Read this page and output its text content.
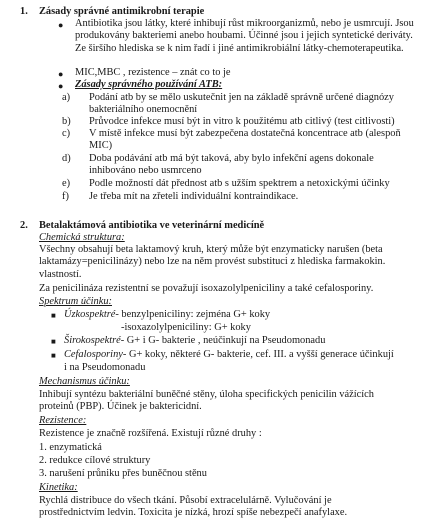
1. Zásady správné antimikrobní terapie
● Antibiotika jsou látky, které inhibují růst mikroorganizmů, nebo je usmrcují. Jsou
produkovány bakteriemi anebo houbami. Účinné jsou i jejich syntetické deriváty.
Ze širšího hlediska se k nim řadí i jiné antimikrobiální látky-chemoterapeutika.
● MIC,MBC , rezistence – znát co to je
● Zásady správného používání ATB:
a) Podání atb by se mělo uskutečnit jen na základě správně určené diagnózy
bakteriálního onemocnění
b) Průvodce infekce musí být in vitro k použitému atb citlivý (test citlivosti)
c) V místě infekce musí být zabezpečena dostatečná koncentrace atb (alespoň
MIC)
d) Doba podávání atb má být taková, aby bylo infekční agens dokonale
inhibováno nebo usmrceno
e) Podle možností dát přednost atb s užším spektrem a netoxickými účinky
f) Je třeba mít na zřeteli individuální kontraindikace.
2. Betalaktámová antibiotika ve veterinární medicíně
Chemická struktura:
Všechny obsahují beta laktamový kruh, který může být enzymaticky narušen (beta
laktamázy=penicilinázy) nebo lze na něm provést substituci z hlediska farmakokin.
vlastností.
Za penicilináza rezistentní se považují isoxazolylpeniciliny a také cefalosporiny.
Spektrum účinku:
■ Úzkospektré- benzylpeniciliny: zejména G+ koky
-isoxazolylpeniciliny: G+ koky
■ Širokospektré- G+ i G- bakterie , neúčinkují na Pseudomonadu
■ Cefalosporiny- G+ koky, některé G- bakterie, cef. III. a vyšší generace účinkují
i na Pseudomonadu
Mechanismus účinku:
Inhibují syntézu bakteriální buněčné stěny, úloha specifických penicilin vážících
proteinů (PBP). Účinek je baktericidní.
Rezistence:
Rezistence je značně rozšířená. Existují různé druhy :
1. enzymatická
2. redukce cílové struktury
3. narušení průniku přes buněčnou stěnu
Kinetika:
Rychlá distribuce do všech tkání. Působí extracelulárně. Vylučování je
prostřednictvím ledvin. Toxicita je nízká, hrozí spíše nebezpečí anafylaxe.
